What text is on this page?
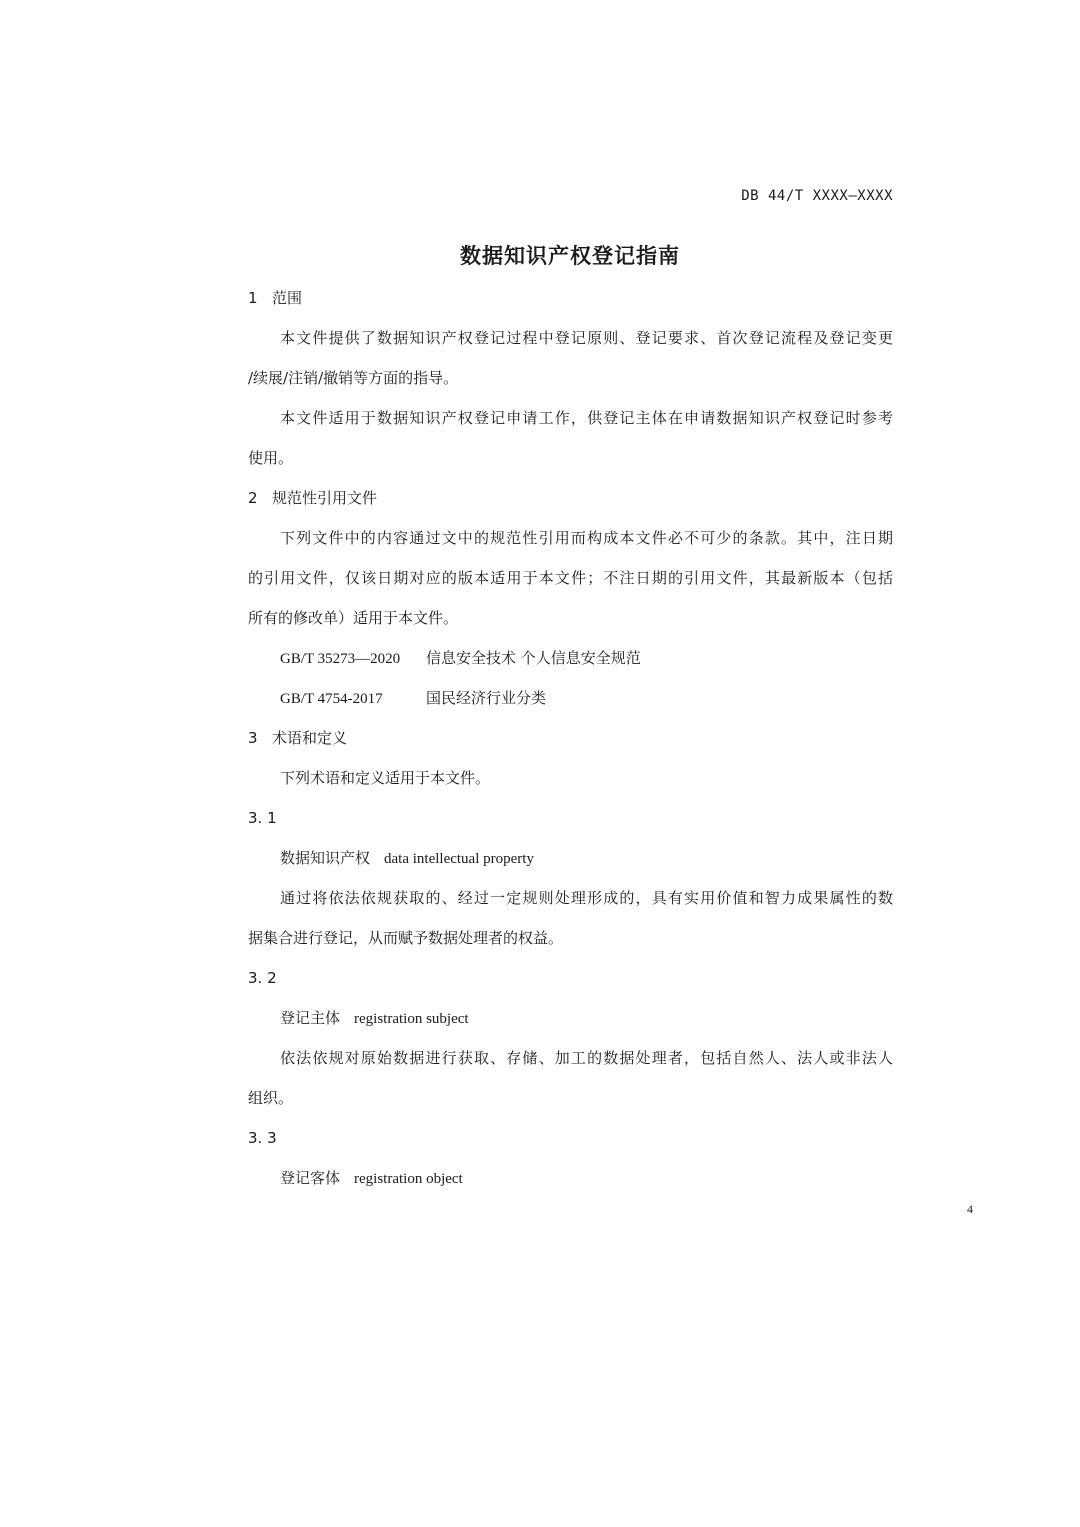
DB 44/T XXXX—XXXX
数据知识产权登记指南
1 范围
本文件提供了数据知识产权登记过程中登记原则、登记要求、首次登记流程及登记变更
/续展/注销/撤销等方面的指导。
本文件适用于数据知识产权登记申请工作，供登记主体在申请数据知识产权登记时参考
使用。
2 规范性引用文件
下列文件中的内容通过文中的规范性引用而构成本文件必不可少的条款。其中，注日期
的引用文件，仅该日期对应的版本适用于本文件；不注日期的引用文件，其最新版本（包括
所有的修改单）适用于本文件。
GB/T 35273—2020 信息安全技术 个人信息安全规范
GB/T 4754-2017	国民经济行业分类
3 术语和定义
下列术语和定义适用于本文件。
3. 1
数据知识产权 data intellectual property
通过将依法依规获取的、经过一定规则处理形成的，具有实用价值和智力成果属性的数
据集合进行登记，从而赋予数据处理者的权益。
3. 2
登记主体 registration subject
依法依规对原始数据进行获取、存储、加工的数据处理者，包括自然人、法人或非法人
组织。
3. 3
登记客体 registration object
4
